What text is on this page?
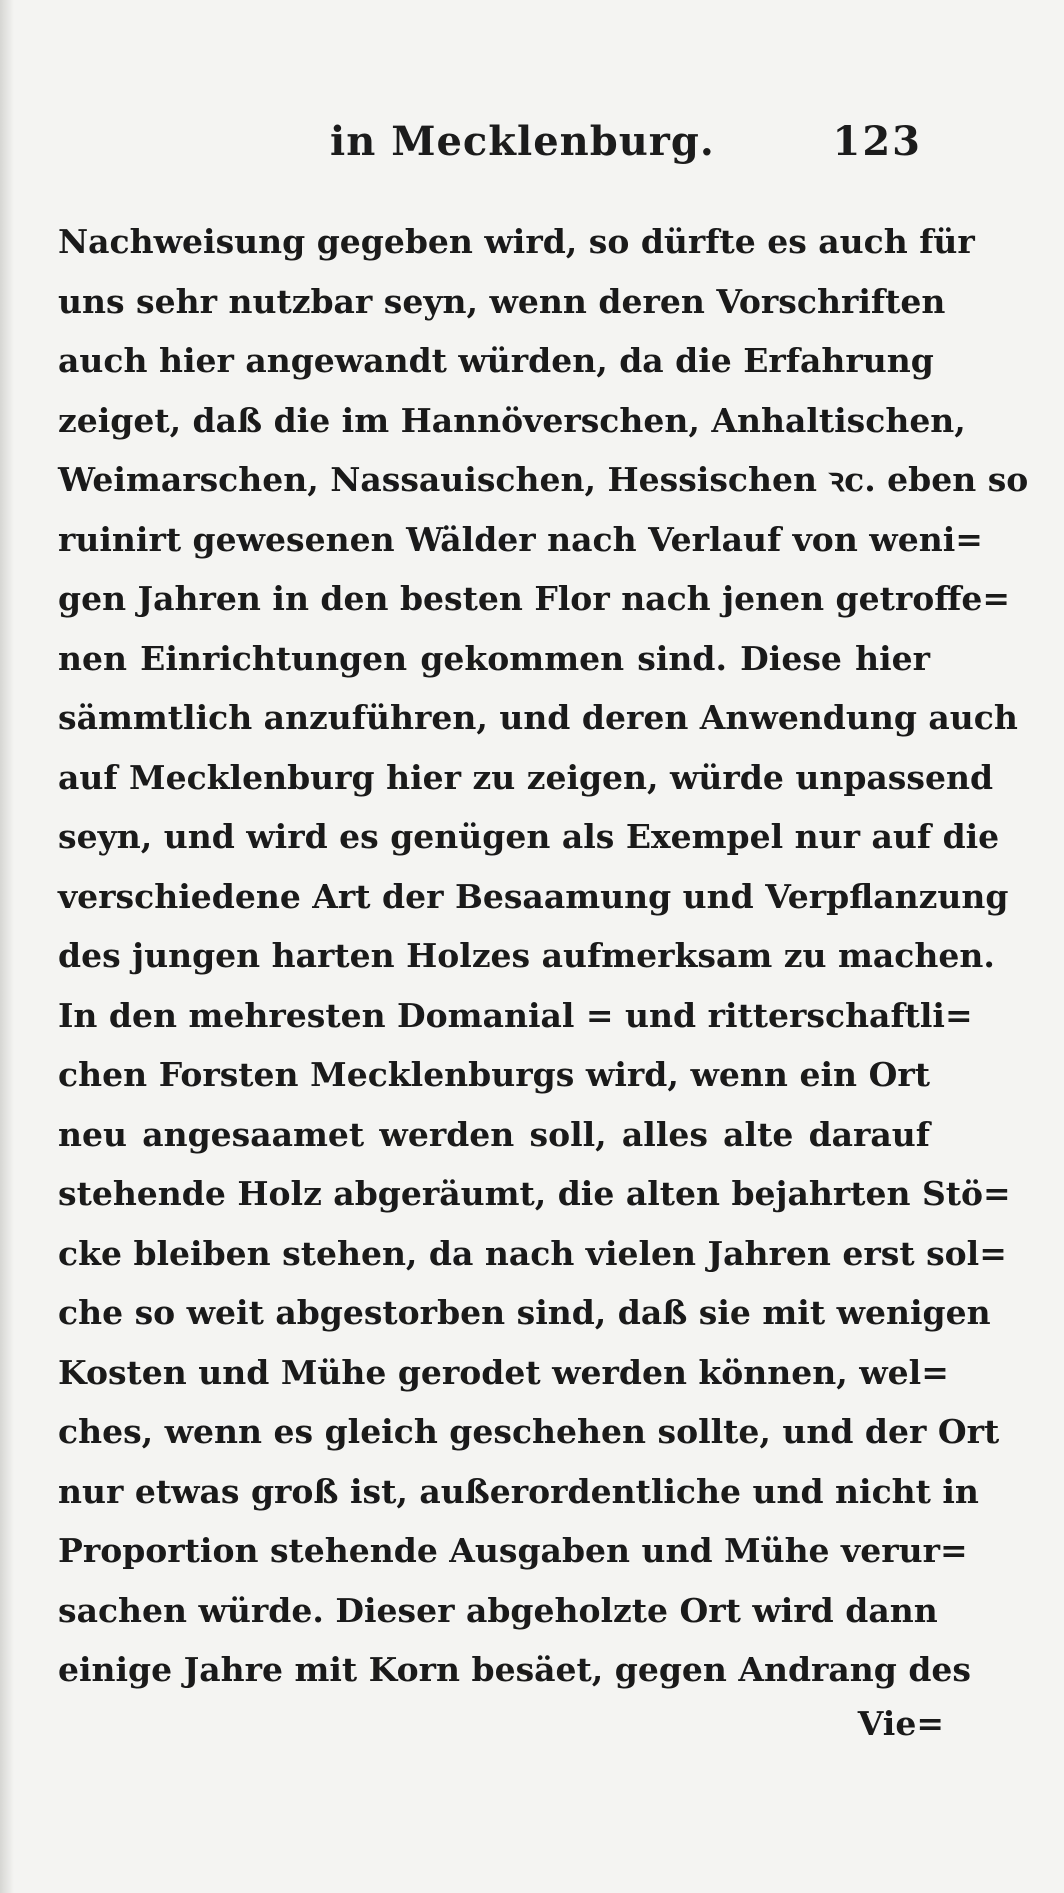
in Mecklenburg.	123
Nachweisung gegeben wird, so dürfte es auch für
uns sehr nutzbar seyn, wenn deren Vorschriften
auch hier angewandt würden, da die Erfahrung
zeiget, daß die im Hannöverschen, Anhaltischen,
Weimarschen, Nassauischen, Hessischen ꝛc. eben so
ruinirt gewesenen Wälder nach Verlauf von weni=
gen Jahren in den besten Flor nach jenen getroffe=
nen Einrichtungen gekommen sind. Diese hier
sämmtlich anzuführen, und deren Anwendung auch
auf Mecklenburg hier zu zeigen, würde unpassend
seyn, und wird es genügen als Exempel nur auf die
verschiedene Art der Besaamung und Verpflanzung
des jungen harten Holzes aufmerksam zu machen.
In den mehresten Domanial = und ritterschaftli=
chen Forsten Mecklenburgs wird, wenn ein Ort
neu angesaamet werden soll, alles alte darauf
stehende Holz abgeräumt, die alten bejahrten Stö=
cke bleiben stehen, da nach vielen Jahren erst sol=
che so weit abgestorben sind, daß sie mit wenigen
Kosten und Mühe gerodet werden können, wel=
ches, wenn es gleich geschehen sollte, und der Ort
nur etwas groß ist, außerordentliche und nicht in
Proportion stehende Ausgaben und Mühe verur=
sachen würde. Dieser abgeholzte Ort wird dann
einige Jahre mit Korn besäet, gegen Andrang des
Vie=
